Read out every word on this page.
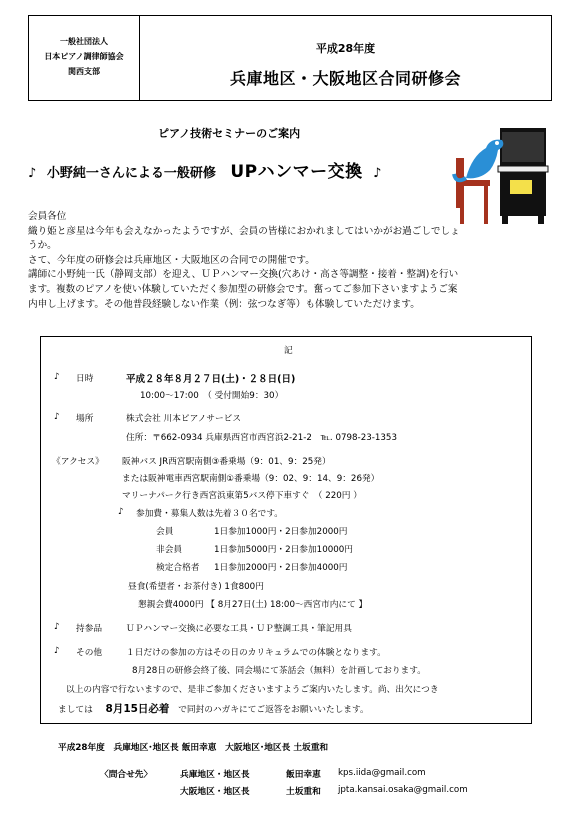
一般社団法人
日本ピアノ調律師協会
関西支部
平成28年度
兵庫地区・大阪地区合同研修会
ピアノ技術セミナーのご案内
♪ 小野純一さんによる一般研修 UPハンマー交換 ♪
会員各位
織り姫と彦星は今年も会えなかったようですが、会員の皆様におかれましてはいかがお過ごしでしょ
うか。
さて、今年度の研修会は兵庫地区・大阪地区の合同での開催です。
講師に小野純一氏（静岡支部）を迎え、ＵＰハンマー交換(穴あけ・高さ等調整・接着・整調)を行い
ます。複数のピアノを使い体験していただく参加型の研修会です。奮ってご参加下さいますようご案
内申し上げます。その他普段経験しない作業（例：弦つなぎ等）も体験していただけます。
記
♪ 日時	平成２８年８月２７日(土)・２８日(日)
10:00〜17:00　（ 受付開始9：30）
♪ 場所	株式会社 川本ピアノサービス
住所：〒662-0934 兵庫県西宮市西宮浜2-21-2　℡. 0798-23-1353
《アクセス》 阪神バス JR西宮駅南側③番乗場（9：01、9：25発）
または阪神電車西宮駅南側①番乗場（9：02、9：14、9：26発）
マリーナパーク行き西宮浜東第5バス停下車すぐ　（ 220円 ）
♪ 参加費・募集人数は先着３０名です。
会員	1日参加1000円・2日参加2000円
非会員	1日参加5000円・2日参加10000円
検定合格者 1日参加2000円・2日参加4000円
昼食(希望者・お茶付き) 1食800円
懇親会費4000円 【 8月27日(土) 18:00〜西宮市内にて 】
♪ 持参品	ＵＰハンマー交換に必要な工具・ＵＰ整調工具・筆記用具
♪ その他	１日だけの参加の方はその日のカリキュラムでの体験となります。
8月28日の研修会終了後、同会場にて茶話会（無料）を計画しております。
以上の内容で行ないますので、是非ご参加くださいますようご案内いたします。尚、出欠につき
ましては 8月15日必着 で同封のハガキにてご返答をお願いいたします。
平成28年度　兵庫地区･地区長 飯田幸恵　大阪地区･地区長 土坂重和
〈問合せ先〉	兵庫地区・地区長	飯田幸恵 kps.iida@gmail.com
大阪地区・地区長	土坂重和 jpta.kansai.osaka@gmail.com
